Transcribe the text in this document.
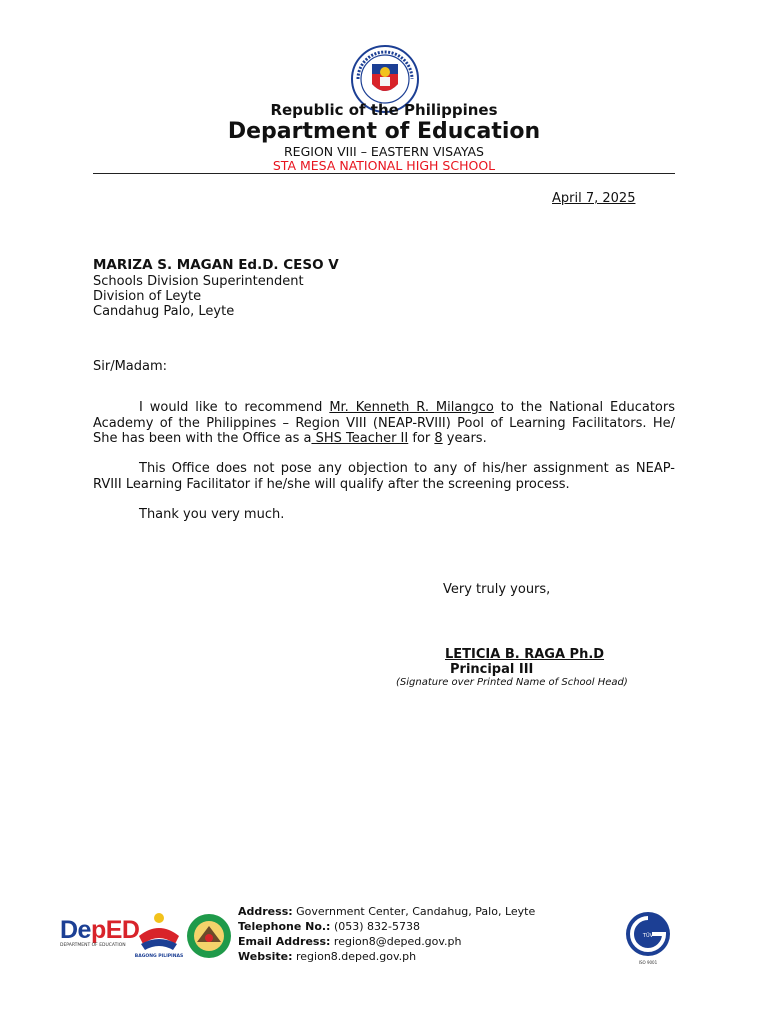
Republic of the Philippines
Department of Education
REGION VIII – EASTERN VISAYAS
STA MESA NATIONAL HIGH SCHOOL
April 7, 2025
MARIZA S. MAGAN Ed.D. CESO V
Schools Division Superintendent
Division of Leyte
Candahug Palo, Leyte
Sir/Madam:
I would like to recommend Mr. Kenneth R. Milangco to the National Educators Academy of the Philippines – Region VIII (NEAP-RVIII) Pool of Learning Facilitators. He/ She has been with the Office as a SHS Teacher II for 8 years.
This Office does not pose any objection to any of his/her assignment as NEAP-RVIII Learning Facilitator if he/she will qualify after the screening process.
Thank you very much.
Very truly yours,
LETICIA B. RAGA Ph.D
Principal III
(Signature over Printed Name of School Head)
DepED
DEPARTMENT OF EDUCATION
BAGONG PILIPINAS
Address: Government Center, Candahug, Palo, Leyte
Telephone No.: (053) 832-5738
Email Address: region8@deped.gov.ph
Website: region8.deped.gov.ph
TÜV
ISO 9001
